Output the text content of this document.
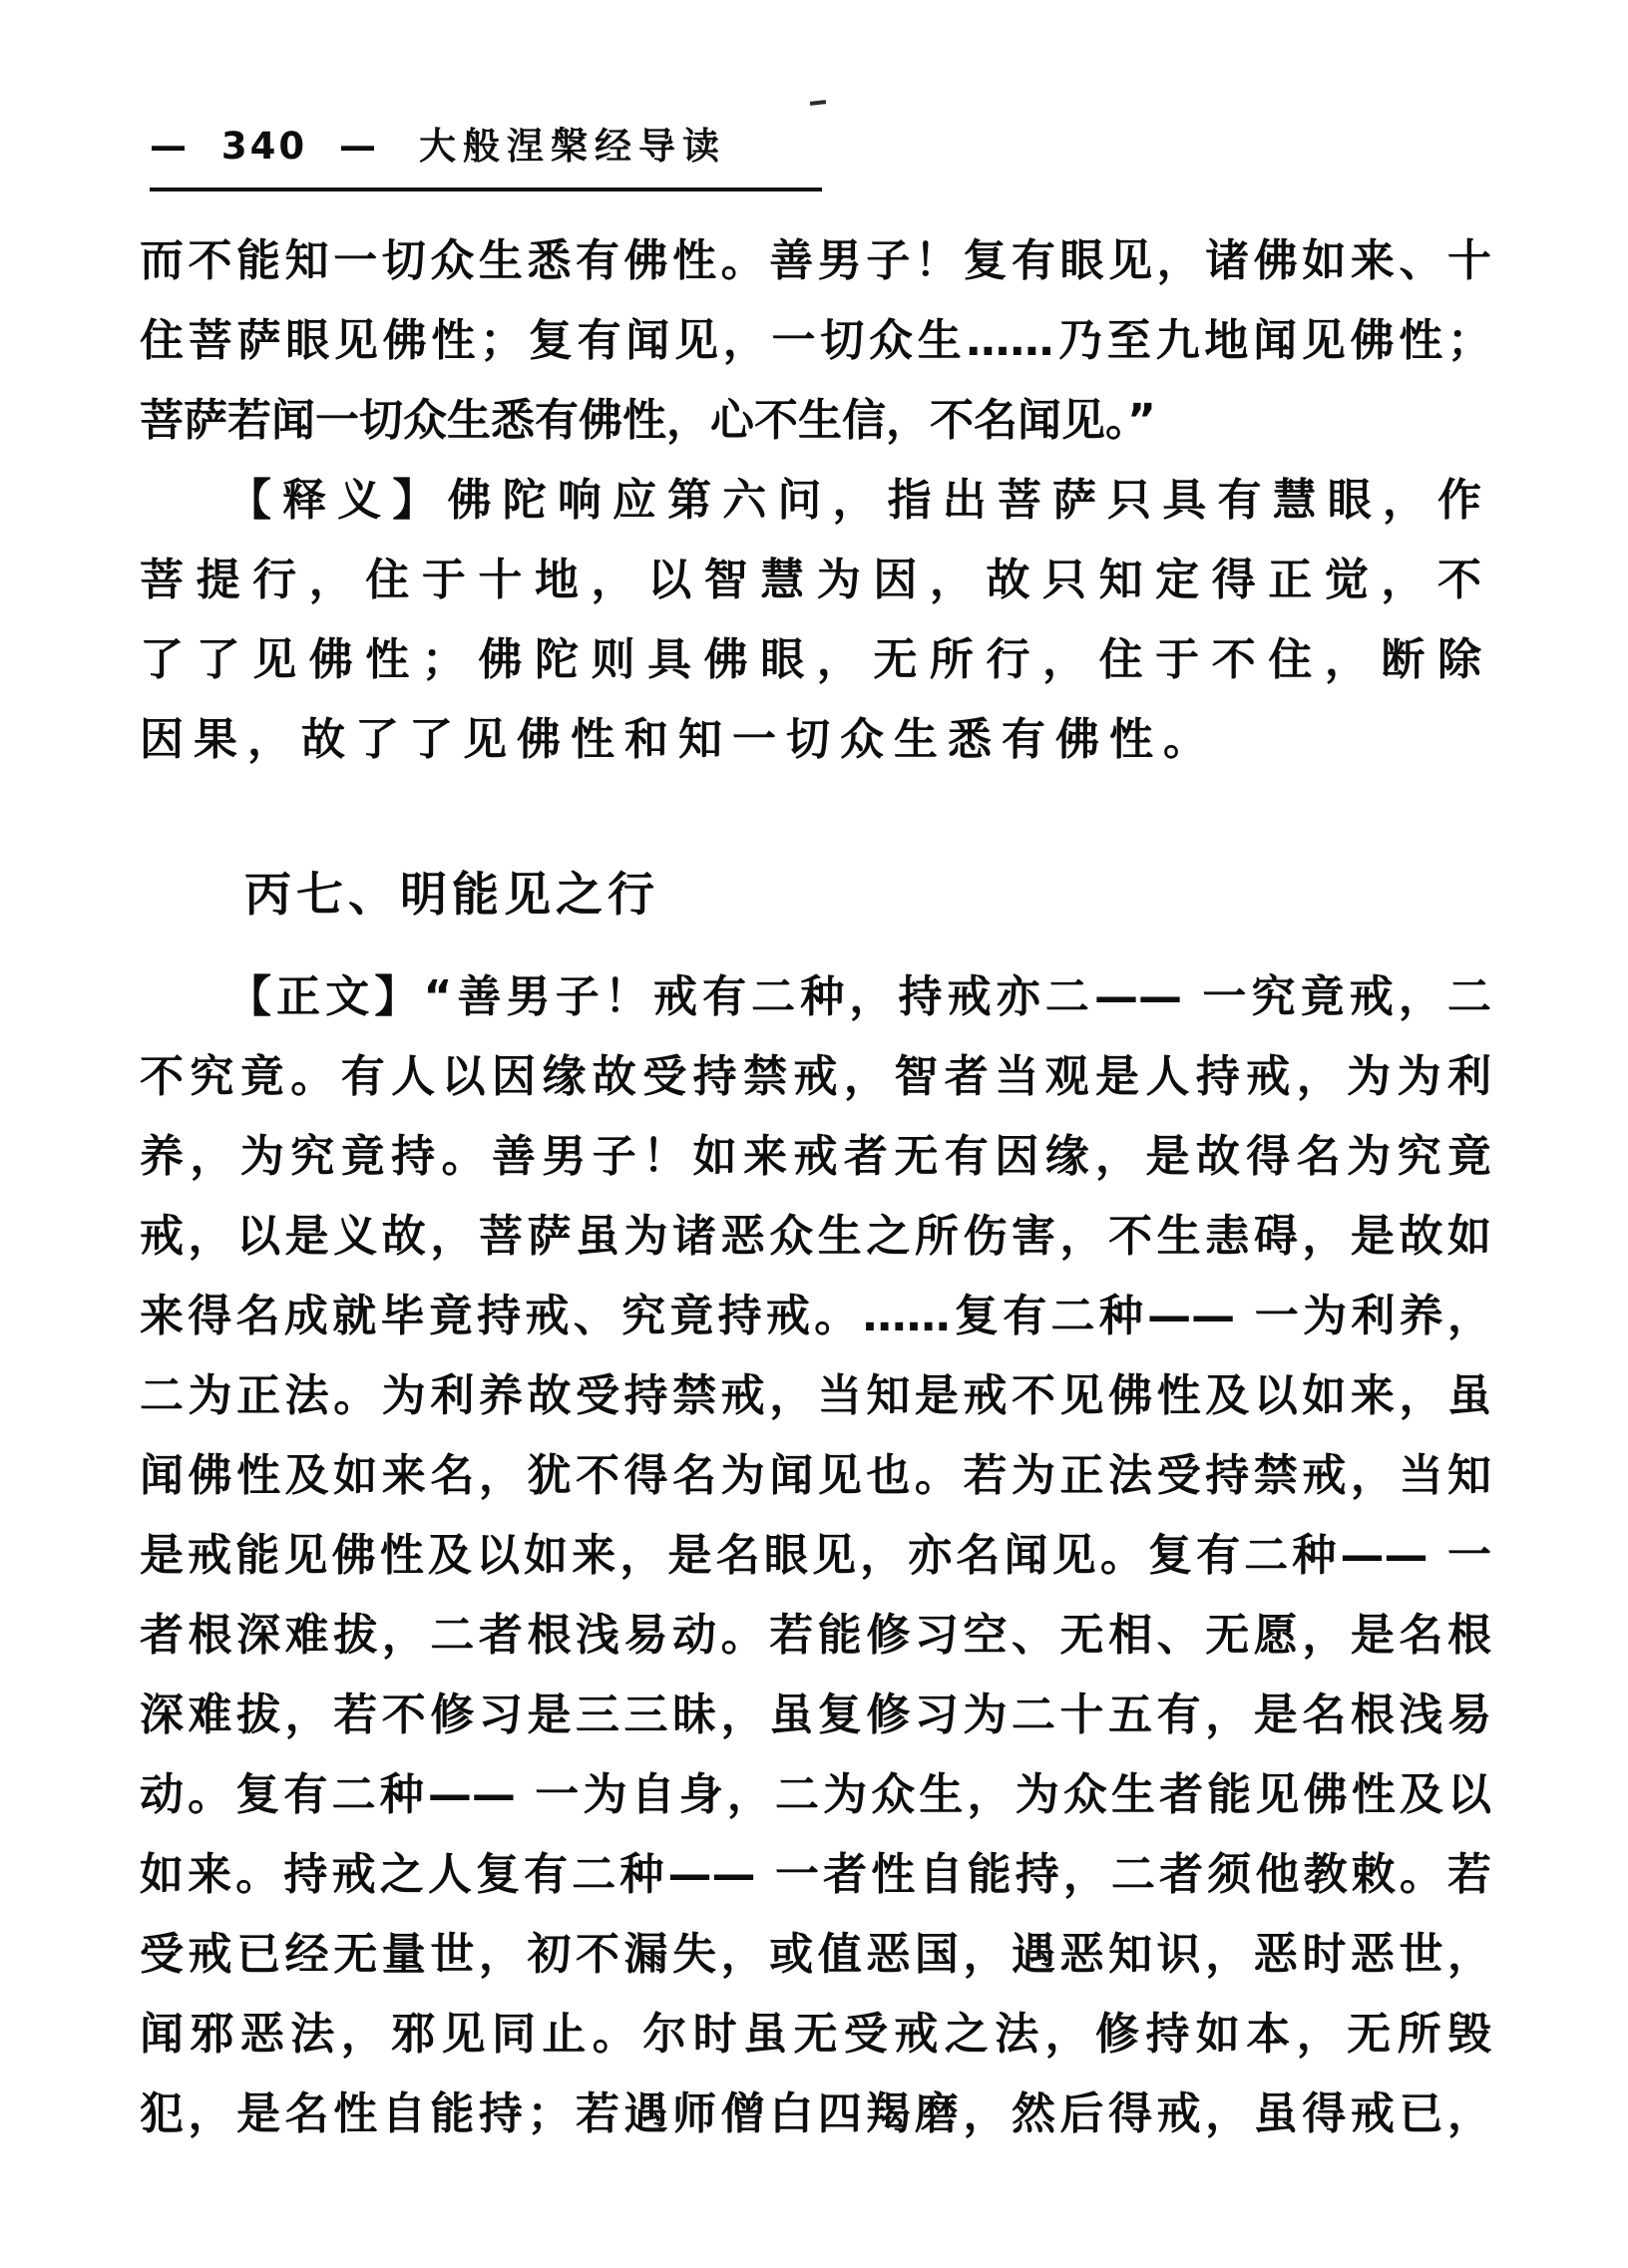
— 340 — 大般涅槃经导读
而不能知一切众生悉有佛性。善男子！复有眼见，诸佛如来、十
住菩萨眼见佛性；复有闻见，一切众生……乃至九地闻见佛性；
菩萨若闻一切众生悉有佛性，心不生信，不名闻见。”
【释义】佛陀响应第六问，指出菩萨只具有慧眼，作
菩提行，住于十地，以智慧为因，故只知定得正觉，不
了了见佛性；佛陀则具佛眼，无所行，住于不住，断除
因果，故了了见佛性和知一切众生悉有佛性。
丙七、明能见之行
【正文】“善男子！戒有二种，持戒亦二—— 一究竟戒，二
不究竟。有人以因缘故受持禁戒，智者当观是人持戒，为为利
养，为究竟持。善男子！如来戒者无有因缘，是故得名为究竟
戒，以是义故，菩萨虽为诸恶众生之所伤害，不生恚碍，是故如
来得名成就毕竟持戒、究竟持戒。……复有二种—— 一为利养，
二为正法。为利养故受持禁戒，当知是戒不见佛性及以如来，虽
闻佛性及如来名，犹不得名为闻见也。若为正法受持禁戒，当知
是戒能见佛性及以如来，是名眼见，亦名闻见。复有二种—— 一
者根深难拔，二者根浅易动。若能修习空、无相、无愿，是名根
深难拔，若不修习是三三昧，虽复修习为二十五有，是名根浅易
动。复有二种—— 一为自身，二为众生，为众生者能见佛性及以
如来。持戒之人复有二种—— 一者性自能持，二者须他教敕。若
受戒已经无量世，初不漏失，或值恶国，遇恶知识，恶时恶世，
闻邪恶法，邪见同止。尔时虽无受戒之法，修持如本，无所毁
犯，是名性自能持；若遇师僧白四羯磨，然后得戒，虽得戒已，
